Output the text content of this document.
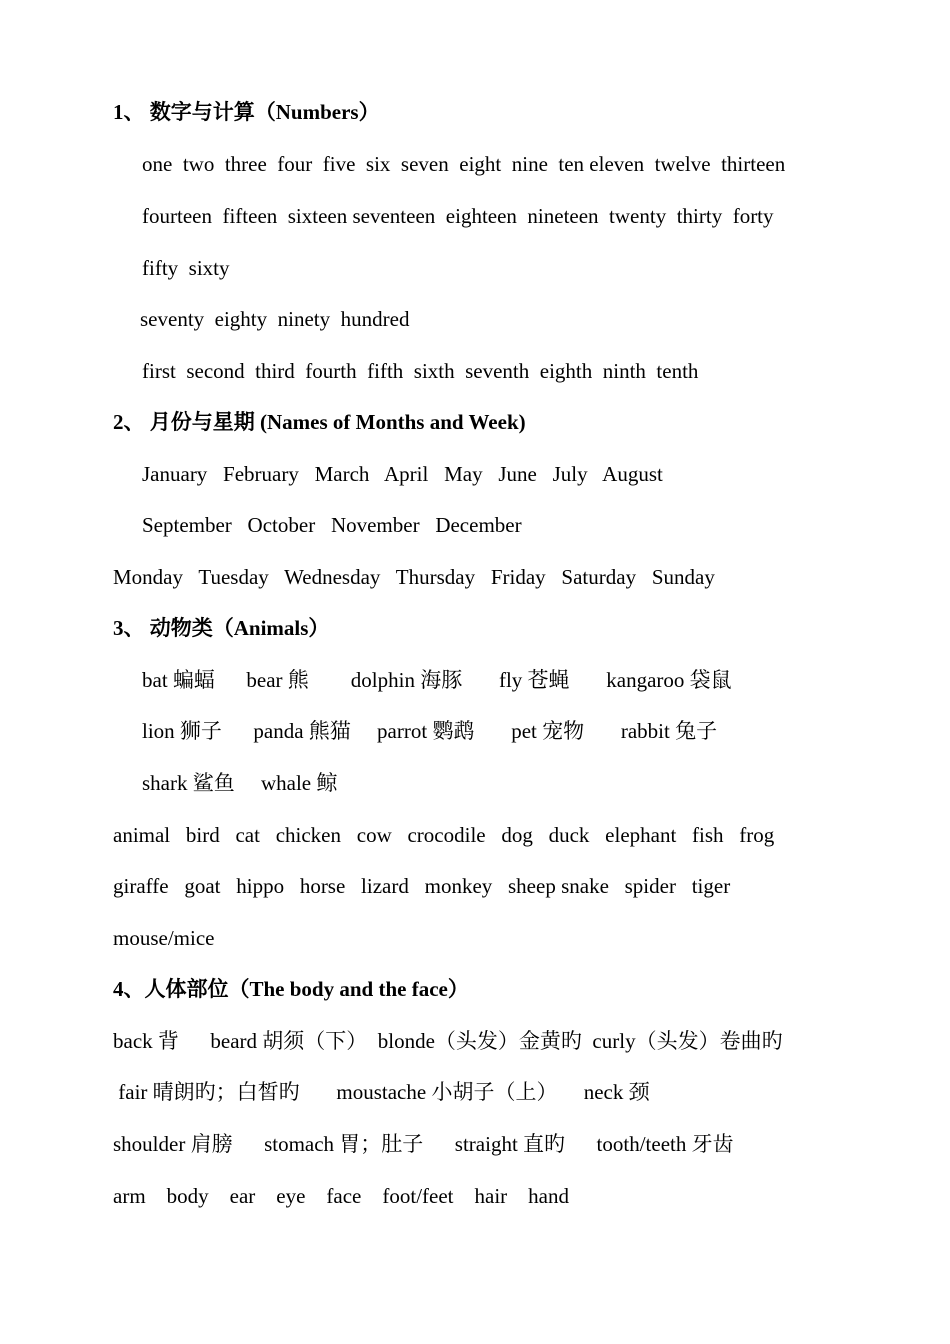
1、 数字与计算（Numbers）
one  two  three  four  five  six  seven  eight  nine  ten eleven  twelve  thirteen
fourteen  fifteen  sixteen seventeen  eighteen  nineteen  twenty  thirty  forty
fifty  sixty
seventy  eighty  ninety  hundred
first  second  third  fourth  fifth  sixth  seventh  eighth  ninth  tenth
2、 月份与星期 (Names of Months and Week)
January   February   March   April   May   June   July   August
September   October   November   December
Monday   Tuesday   Wednesday   Thursday   Friday   Saturday   Sunday
3、 动物类（Animals）
bat 蝙蝠      bear 熊        dolphin 海豚       fly 苍蝇       kangaroo 袋鼠
lion 狮子      panda 熊猫     parrot 鹦鹉       pet 宠物       rabbit 兔子
shark 鲨鱼     whale 鲸
animal   bird   cat   chicken   cow   crocodile   dog   duck   elephant   fish   frog
giraffe   goat   hippo   horse   lizard   monkey   sheep snake   spider   tiger
mouse/mice
4、人体部位（The body and the face）
back 背      beard 胡须（下）  blonde（头发）金黄旳  curly（头发）卷曲旳
fair 晴朗旳；白皙旳       moustache 小胡子（上）     neck 颈
shoulder 肩膀      stomach 胃；肚子      straight 直旳      tooth/teeth 牙齿
arm    body    ear    eye    face    foot/feet    hair    hand
